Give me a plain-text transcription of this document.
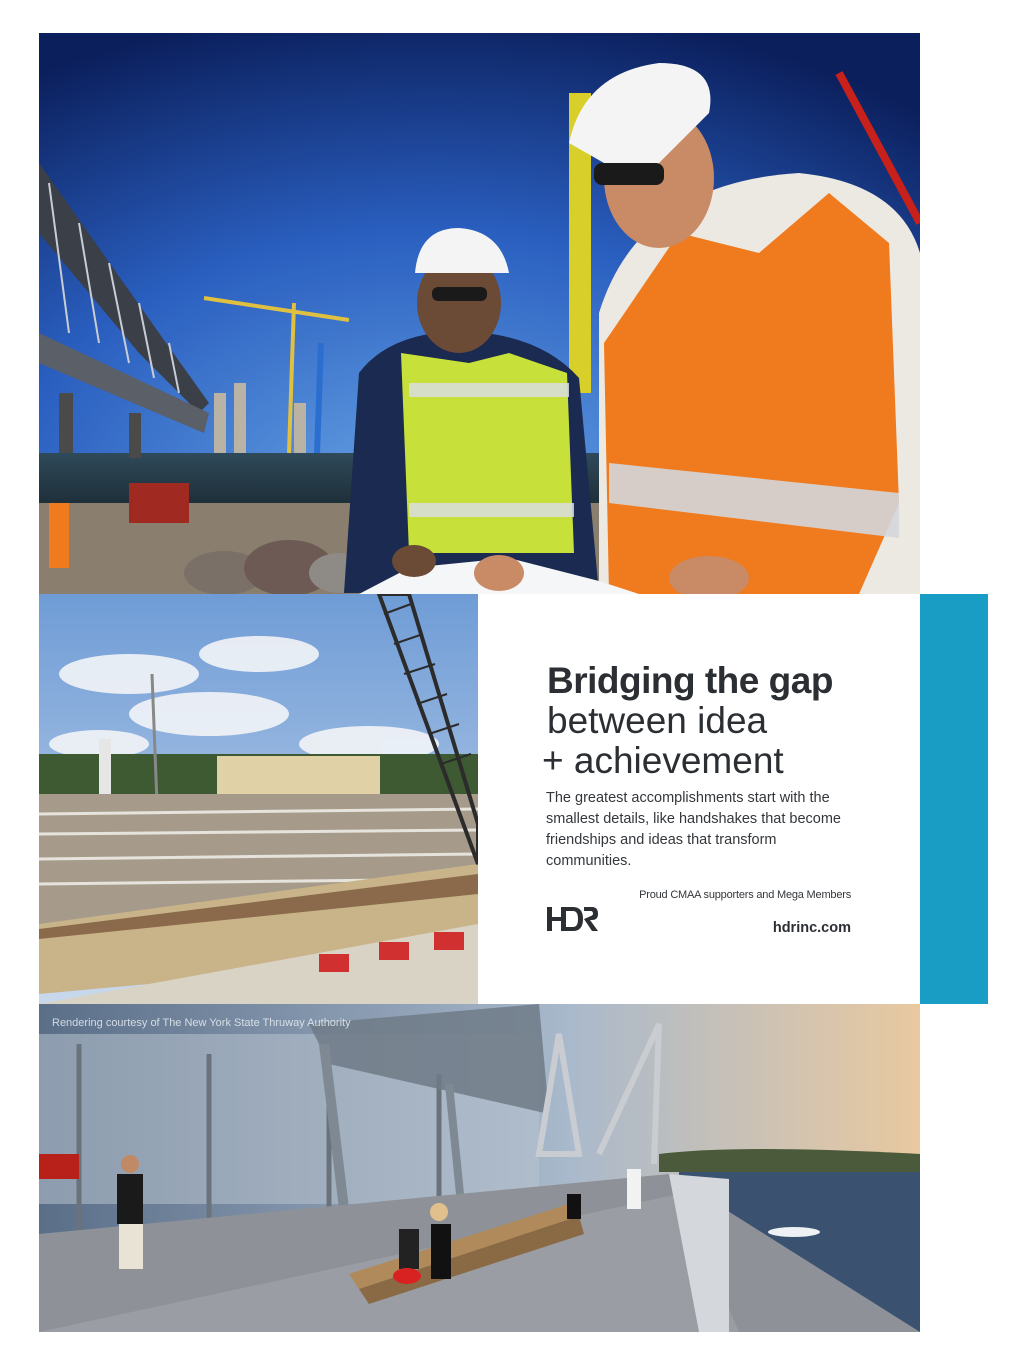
Bridging the gap
between idea
+ achievement

The greatest accomplishments start with the smallest details, like handshakes that become friendships and ideas that transform communities.

Proud CMAA supporters and Mega Members

hdrinc.com

Rendering courtesy of The New York State Thruway Authority
